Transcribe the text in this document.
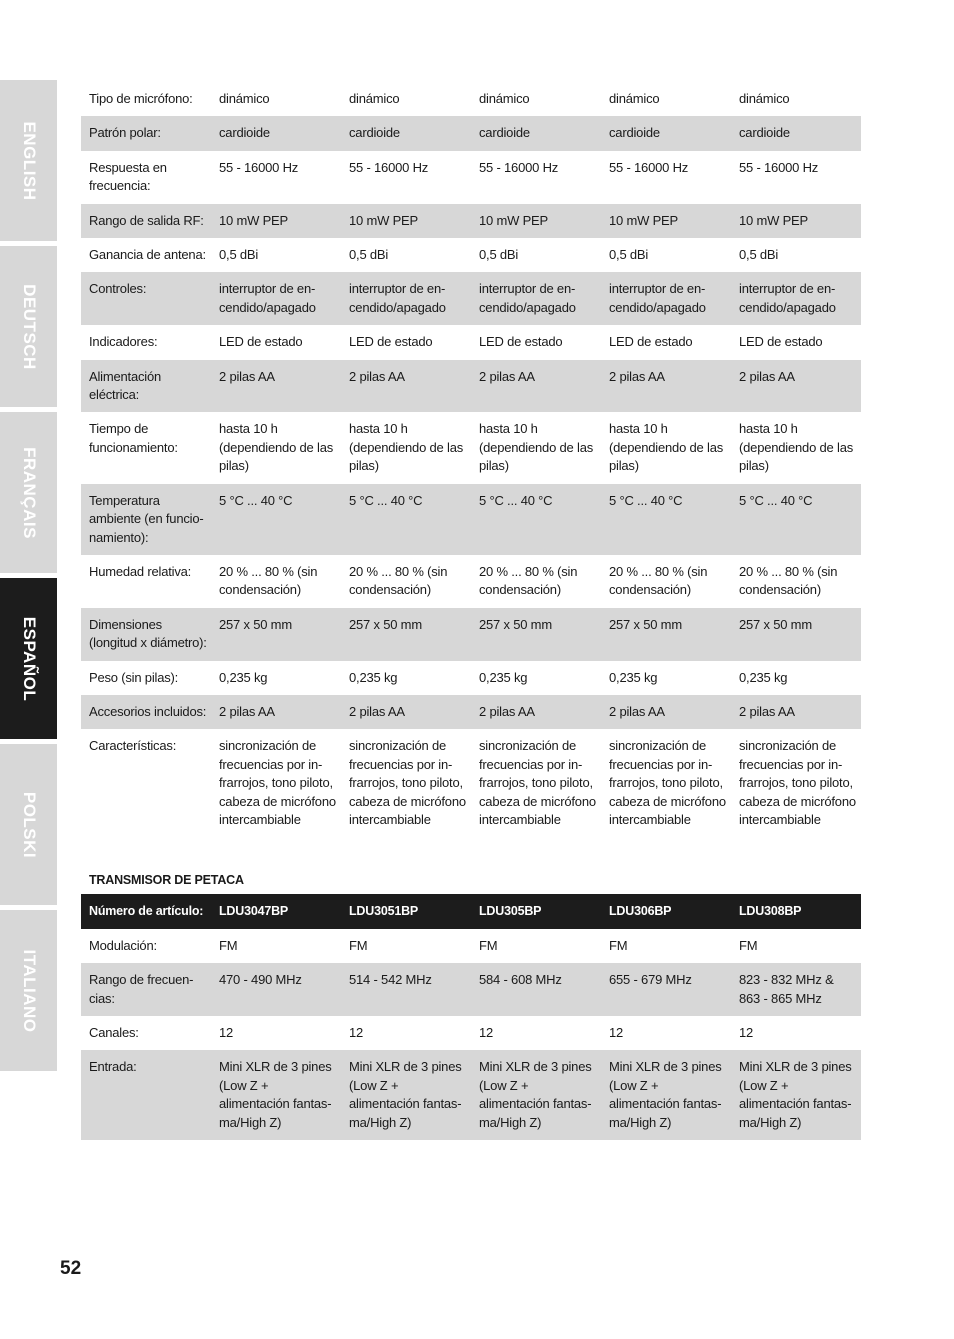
ENGLISH
DEUTSCH
FRANÇAIS
ESPAÑOL
POLSKI
ITALIANO
Tipo de micrófono:	dinámico	dinámico	dinámico	dinámico	dinámico
Patrón polar:	cardioide	cardioide	cardioide	cardioide	cardioide
Respuesta en frecuencia:	55 - 16000 Hz	55 - 16000 Hz	55 - 16000 Hz	55 - 16000 Hz	55 - 16000 Hz
Rango de salida RF:	10 mW PEP	10 mW PEP	10 mW PEP	10 mW PEP	10 mW PEP
Ganancia de antena:	0,5 dBi	0,5 dBi	0,5 dBi	0,5 dBi	0,5 dBi
Controles:	interruptor de en-cendido/apagado	interruptor de en-cendido/apagado	interruptor de en-cendido/apagado	interruptor de en-cendido/apagado	interruptor de en-cendido/apagado
Indicadores:	LED de estado	LED de estado	LED de estado	LED de estado	LED de estado
Alimentación eléctrica:	2 pilas AA	2 pilas AA	2 pilas AA	2 pilas AA	2 pilas AA
Tiempo de funcionamiento:	hasta 10 h (dependiendo de las pilas)	hasta 10 h (dependiendo de las pilas)	hasta 10 h (dependiendo de las pilas)	hasta 10 h (dependiendo de las pilas)	hasta 10 h (dependiendo de las pilas)
Temperatura ambiente (en funcio-namiento):	5 °C ... 40 °C	5 °C ... 40 °C	5 °C ... 40 °C	5 °C ... 40 °C	5 °C ... 40 °C
Humedad relativa:	20 % ... 80 % (sin condensación)	20 % ... 80 % (sin condensación)	20 % ... 80 % (sin condensación)	20 % ... 80 % (sin condensación)	20 % ... 80 % (sin condensación)
Dimensiones (longitud x diámetro):	257 x 50 mm	257 x 50 mm	257 x 50 mm	257 x 50 mm	257 x 50 mm
Peso (sin pilas):	0,235 kg	0,235 kg	0,235 kg	0,235 kg	0,235 kg
Accesorios incluidos:	2 pilas AA	2 pilas AA	2 pilas AA	2 pilas AA	2 pilas AA
Características:	sincronización de frecuencias por in-frarrojos, tono piloto, cabeza de micrófono intercambiable	sincronización de frecuencias por in-frarrojos, tono piloto, cabeza de micrófono intercambiable	sincronización de frecuencias por in-frarrojos, tono piloto, cabeza de micrófono intercambiable	sincronización de frecuencias por in-frarrojos, tono piloto, cabeza de micrófono intercambiable	sincronización de frecuencias por in-frarrojos, tono piloto, cabeza de micrófono intercambiable
TRANSMISOR DE PETACA
Número de artículo:	LDU3047BP	LDU3051BP	LDU305BP	LDU306BP	LDU308BP
Modulación:	FM	FM	FM	FM	FM
Rango de frecuen-cias:	470 - 490 MHz	514 - 542 MHz	584 - 608 MHz	655 - 679 MHz	823 - 832 MHz & 863 - 865 MHz
Canales:	12	12	12	12	12
Entrada:	Mini XLR de 3 pines (Low Z + alimentación fantas-ma/High Z)	Mini XLR de 3 pines (Low Z + alimentación fantas-ma/High Z)	Mini XLR de 3 pines (Low Z + alimentación fantas-ma/High Z)	Mini XLR de 3 pines (Low Z + alimentación fantas-ma/High Z)	Mini XLR de 3 pines (Low Z + alimentación fantas-ma/High Z)
52
